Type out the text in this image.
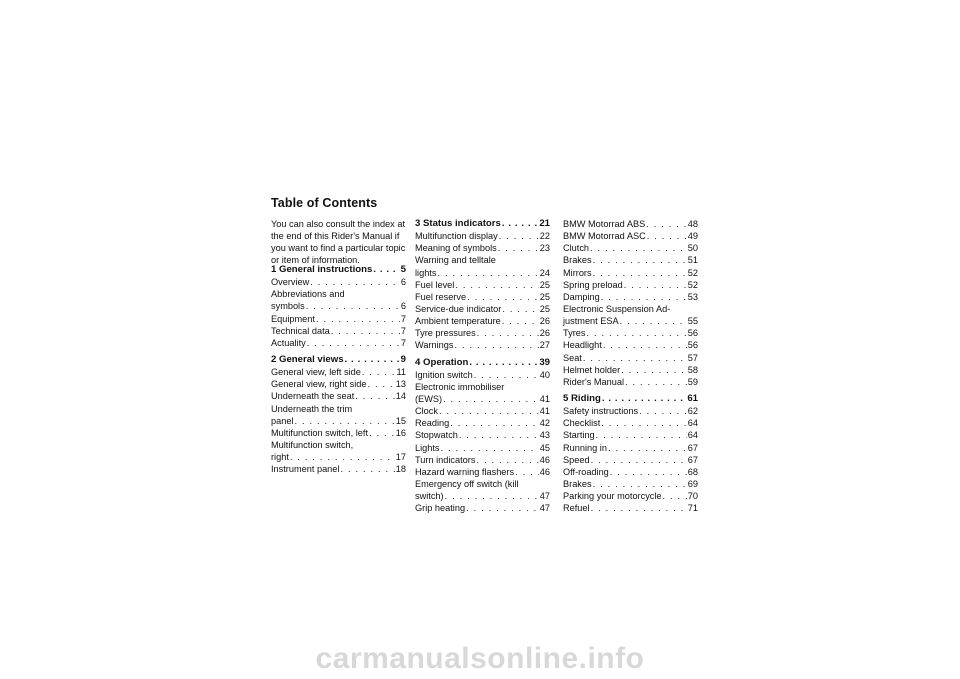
Table of Contents
You can also consult the index at
the end of this Rider's Manual if
you want to find a particular topic
or item of information.
1 General instructions . . .	5
Overview . . .	6
Abbreviations and
symbols . . .	6
Equipment . . .	7
Technical data . . .	7
Actuality . . .	7
2 General views . . .	9
General view, left side . . .	11
General view, right side . . .	13
Underneath the seat . . .	14
Underneath the trim
panel . . .	15
Multifunction switch, left . . .	16
Multifunction switch,
right . . .	17
Instrument panel . . .	18
3 Status indicators . . .	21
Multifunction display . . .	22
Meaning of symbols . . .	23
Warning and telltale
lights . . .	24
Fuel level . . .	25
Fuel reserve . . .	25
Service-due indicator . . .	25
Ambient temperature . . .	26
Tyre pressures . . .	26
Warnings . . .	27
4 Operation . . .	39
Ignition switch . . .	40
Electronic immobiliser
(EWS) . . .	41
Clock . . .	41
Reading . . .	42
Stopwatch . . .	43
Lights . . .	45
Turn indicators . . .	46
Hazard warning flashers . . .	46
Emergency off switch (kill
switch) . . .	47
Grip heating . . .	47
BMW Motorrad ABS . . .	48
BMW Motorrad ASC . . .	49
Clutch . . .	50
Brakes . . .	51
Mirrors . . .	52
Spring preload . . .	52
Damping . . .	53
Electronic Suspension Ad-
justment ESA . . .	55
Tyres . . .	56
Headlight . . .	56
Seat . . .	57
Helmet holder . . .	58
Rider's Manual . . .	59
5 Riding . . .	61
Safety instructions . . .	62
Checklist . . .	64
Starting . . .	64
Running in . . .	67
Speed . . .	67
Off-roading . . .	68
Brakes . . .	69
Parking your motorcycle . . .	70
Refuel . . .	71
carmanualsonline.info
